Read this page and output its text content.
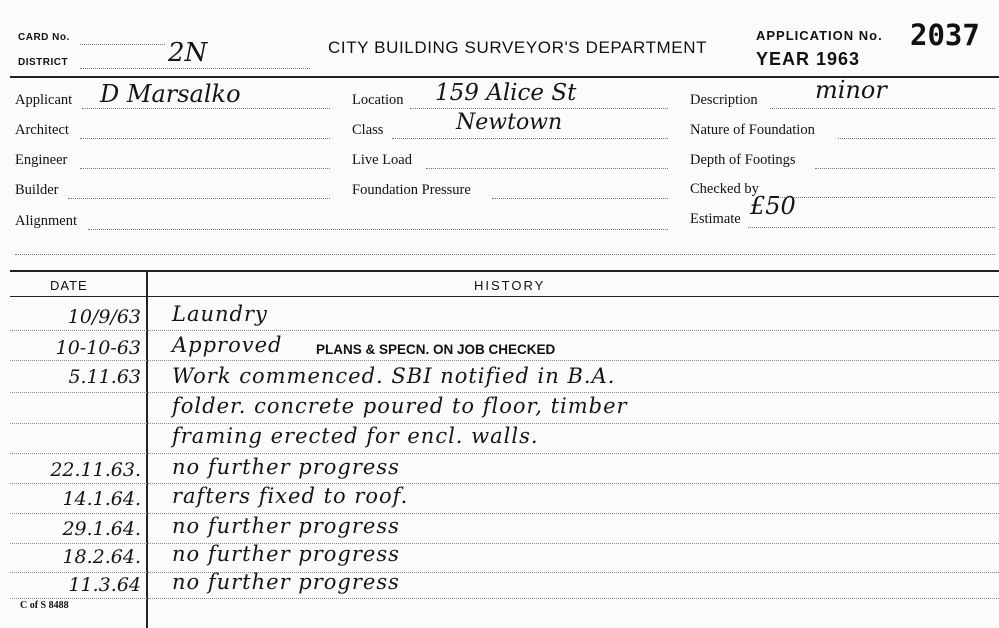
CARD No.
DISTRICT	2N	CITY BUILDING SURVEYOR'S DEPARTMENT
APPLICATION No. 2037
YEAR 1963
Applicant D Marsalko
Architect
Engineer
Builder
Alignment
Location 159 Alice St
Class	Newtown
Live Load
Foundation Pressure
Description minor
Nature of Foundation
Depth of Footings
Checked by
Estimate £50
DATE	HISTORY
10/9/63 Laundry
10-10-63 Approved PLANS & SPECN. ON JOB CHECKED
5.11.63 Work commenced. SBI notified in B.A.
folder. concrete poured to floor, timber
framing erected for encl. walls.
22.11.63. no further progress
14.1.64. rafters fixed to roof.
29.1.64. no further progress
18.2.64. no further progress
11.3.64 no further progress
C of S 8488
